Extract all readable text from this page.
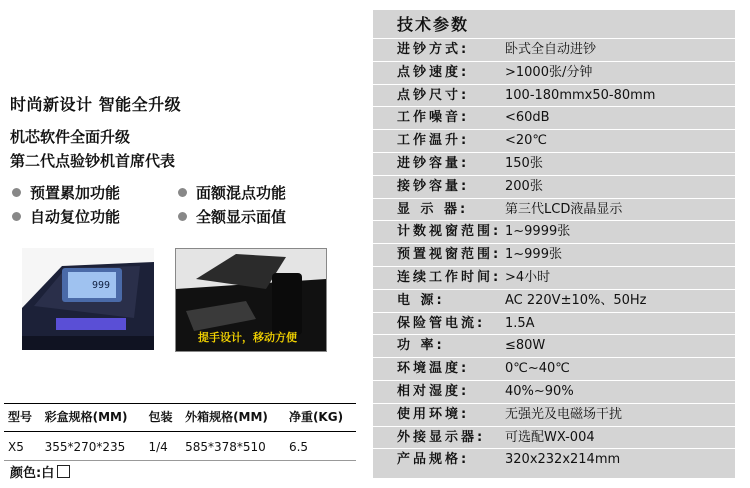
时尚新设计 智能全升级
机芯软件全面升级
第二代点验钞机首席代表
预置累加功能	面额混点功能
自动复位功能	全额显示面值
999
提手设计，移动方便
型号	彩盒规格(MM)	包装	外箱规格(MM)	净重(KG)
X5	355*270*235	1/4	585*378*510	6.5
颜色:白
技术参数
进钞方式:	卧式全自动进钞
点钞速度:	>1000张/分钟
点钞尺寸:	100-180mmx50-80mm
工作噪音:	<60dB
工作温升:	<20℃
进钞容量:	150张
接钞容量:	200张
显 示 器:	第三代LCD液晶显示
计数视窗范围: 1~9999张
预置视窗范围: 1~999张
连续工作时间: >4小时
电 源:	AC 220V±10%、50Hz
保险管电流:	1.5A
功 率:	≤80W
环境温度:	0℃~40℃
相对湿度:	40%~90%
使用环境:	无强光及电磁场干扰
外接显示器:	可选配WX-004
产品规格:	320x232x214mm
